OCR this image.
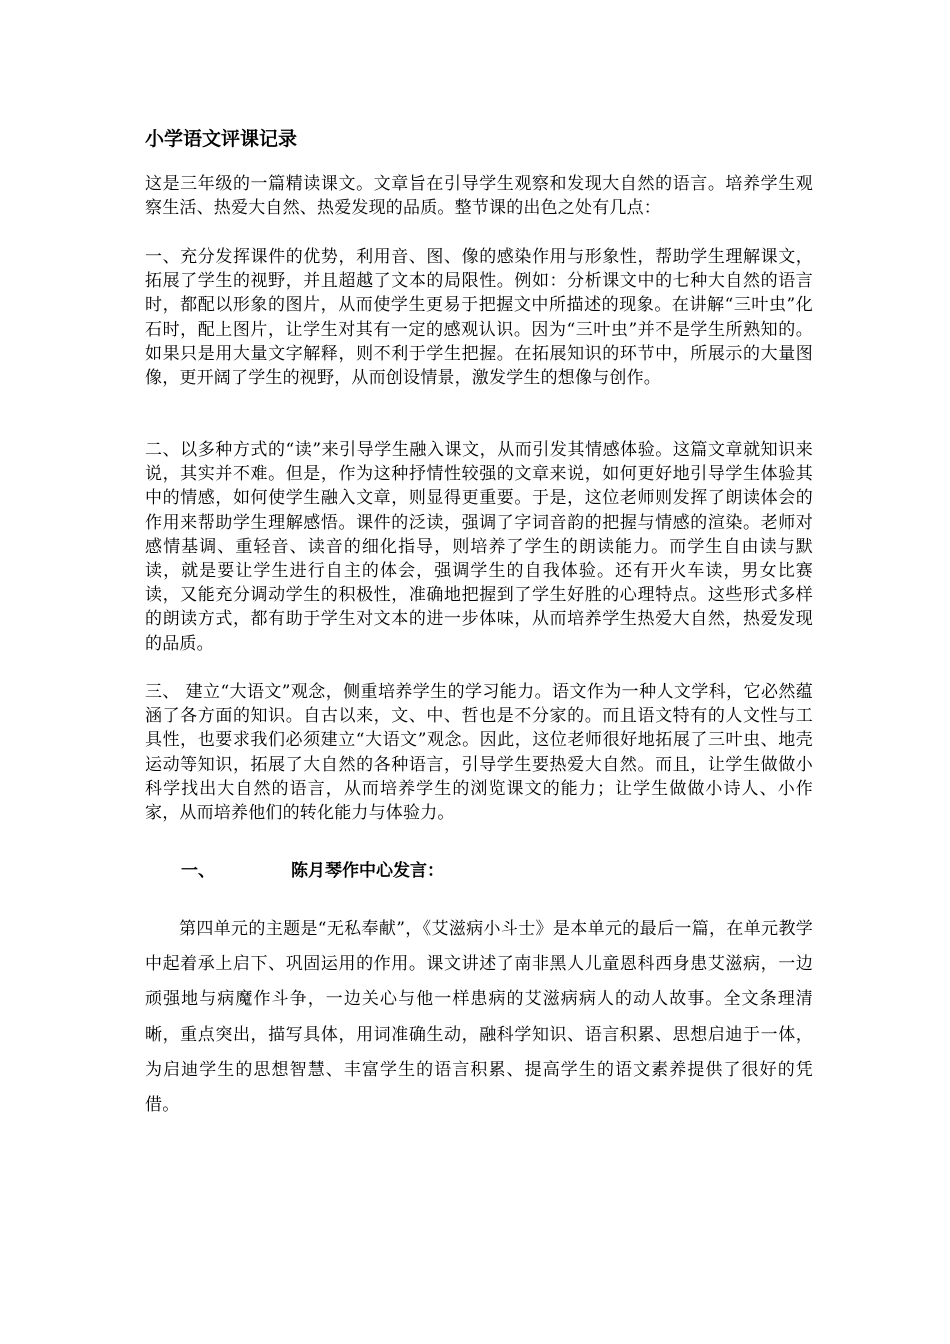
小学语文评课记录

这是三年级的一篇精读课文。文章旨在引导学生观察和发现大自然的语言。培养学生观察生活、热爱大自然、热爱发现的品质。整节课的出色之处有几点：

一、充分发挥课件的优势，利用音、图、像的感染作用与形象性，帮助学生理解课文，拓展了学生的视野，并且超越了文本的局限性。例如：分析课文中的七种大自然的语言时，都配以形象的图片，从而使学生更易于把握文中所描述的现象。在讲解“三叶虫”化石时，配上图片，让学生对其有一定的感观认识。因为“三叶虫”并不是学生所熟知的。如果只是用大量文字解释，则不利于学生把握。在拓展知识的环节中，所展示的大量图像，更开阔了学生的视野，从而创设情景，激发学生的想像与创作。

二、以多种方式的“读”来引导学生融入课文，从而引发其情感体验。这篇文章就知识来说，其实并不难。但是，作为这种抒情性较强的文章来说，如何更好地引导学生体验其中的情感，如何使学生融入文章，则显得更重要。于是，这位老师则发挥了朗读体会的作用来帮助学生理解感悟。课件的泛读，强调了字词音韵的把握与情感的渲染。老师对感情基调、重轻音、读音的细化指导，则培养了学生的朗读能力。而学生自由读与默读，就是要让学生进行自主的体会，强调学生的自我体验。还有开火车读，男女比赛读，又能充分调动学生的积极性，准确地把握到了学生好胜的心理特点。这些形式多样的朗读方式，都有助于学生对文本的进一步体味，从而培养学生热爱大自然，热爱发现的品质。

三、 建立“大语文”观念，侧重培养学生的学习能力。语文作为一种人文学科，它必然蕴涵了各方面的知识。自古以来，文、中、哲也是不分家的。而且语文特有的人文性与工具性，也要求我们必须建立“大语文”观念。因此，这位老师很好地拓展了三叶虫、地壳运动等知识，拓展了大自然的各种语言，引导学生要热爱大自然。而且，让学生做做小科学找出大自然的语言，从而培养学生的浏览课文的能力；让学生做做小诗人、小作家，从而培养他们的转化能力与体验力。

一、	陈月琴作中心发言：

第四单元的主题是“无私奉献”，《艾滋病小斗士》是本单元的最后一篇，在单元教学中起着承上启下、巩固运用的作用。课文讲述了南非黑人儿童恩科西身患艾滋病，一边顽强地与病魔作斗争，一边关心与他一样患病的艾滋病病人的动人故事。全文条理清晰，重点突出，描写具体，用词准确生动，融科学知识、语言积累、思想启迪于一体，为启迪学生的思想智慧、丰富学生的语言积累、提高学生的语文素养提供了很好的凭借。
